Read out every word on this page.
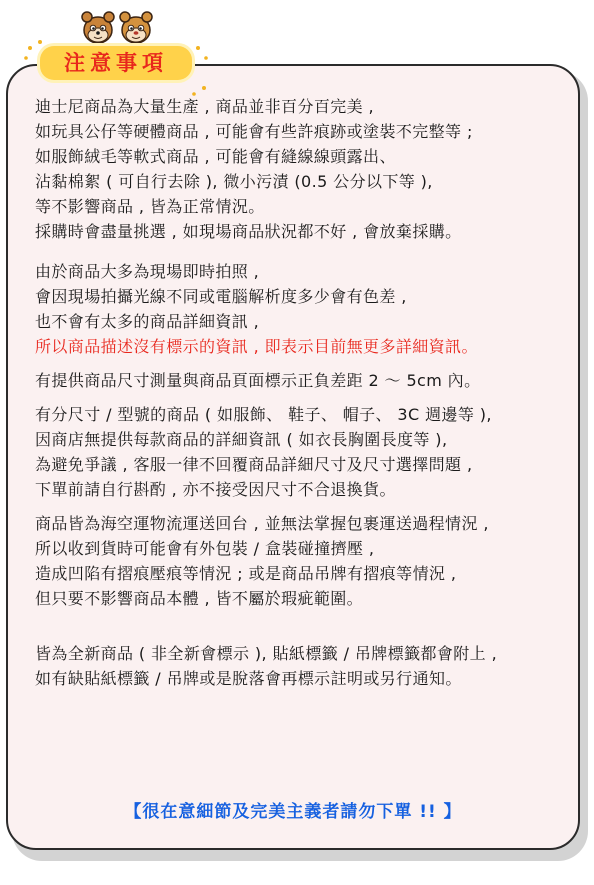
注意事項
迪士尼商品為大量生產 , 商品並非百分百完美 ,
如玩具公仔等硬體商品 , 可能會有些許痕跡或塗裝不完整等 ;
如服飾絨毛等軟式商品 , 可能會有縫線線頭露出、
沾黏棉絮 ( 可自行去除 ), 微小污漬 (0.5 公分以下等 ),
等不影響商品 , 皆為正常情況。
採購時會盡量挑選 , 如現場商品狀況都不好 , 會放棄採購。
由於商品大多為現場即時拍照 ,
會因現場拍攝光線不同或電腦解析度多少會有色差 ,
也不會有太多的商品詳細資訊 ,
所以商品描述沒有標示的資訊 , 即表示目前無更多詳細資訊。
有提供商品尺寸測量與商品頁面標示正負差距 2 ～ 5cm 內。
有分尺寸 / 型號的商品 ( 如服飾、 鞋子、 帽子、 3C 週邊等 ),
因商店無提供每款商品的詳細資訊 ( 如衣長胸圍長度等 ),
為避免爭議 , 客服一律不回覆商品詳細尺寸及尺寸選擇問題 ,
下單前請自行斟酌 , 亦不接受因尺寸不合退換貨。
商品皆為海空運物流運送回台 , 並無法掌握包裹運送過程情況 ,
所以收到貨時可能會有外包裝 / 盒裝碰撞擠壓 ,
造成凹陷有摺痕壓痕等情況 ; 或是商品吊牌有摺痕等情況 ,
但只要不影響商品本體 , 皆不屬於瑕疵範圍。
皆為全新商品 ( 非全新會標示 ), 貼紙標籤 / 吊牌標籤都會附上 ,
如有缺貼紙標籤 / 吊牌或是脫落會再標示註明或另行通知。
【很在意細節及完美主義者請勿下單 !! 】
